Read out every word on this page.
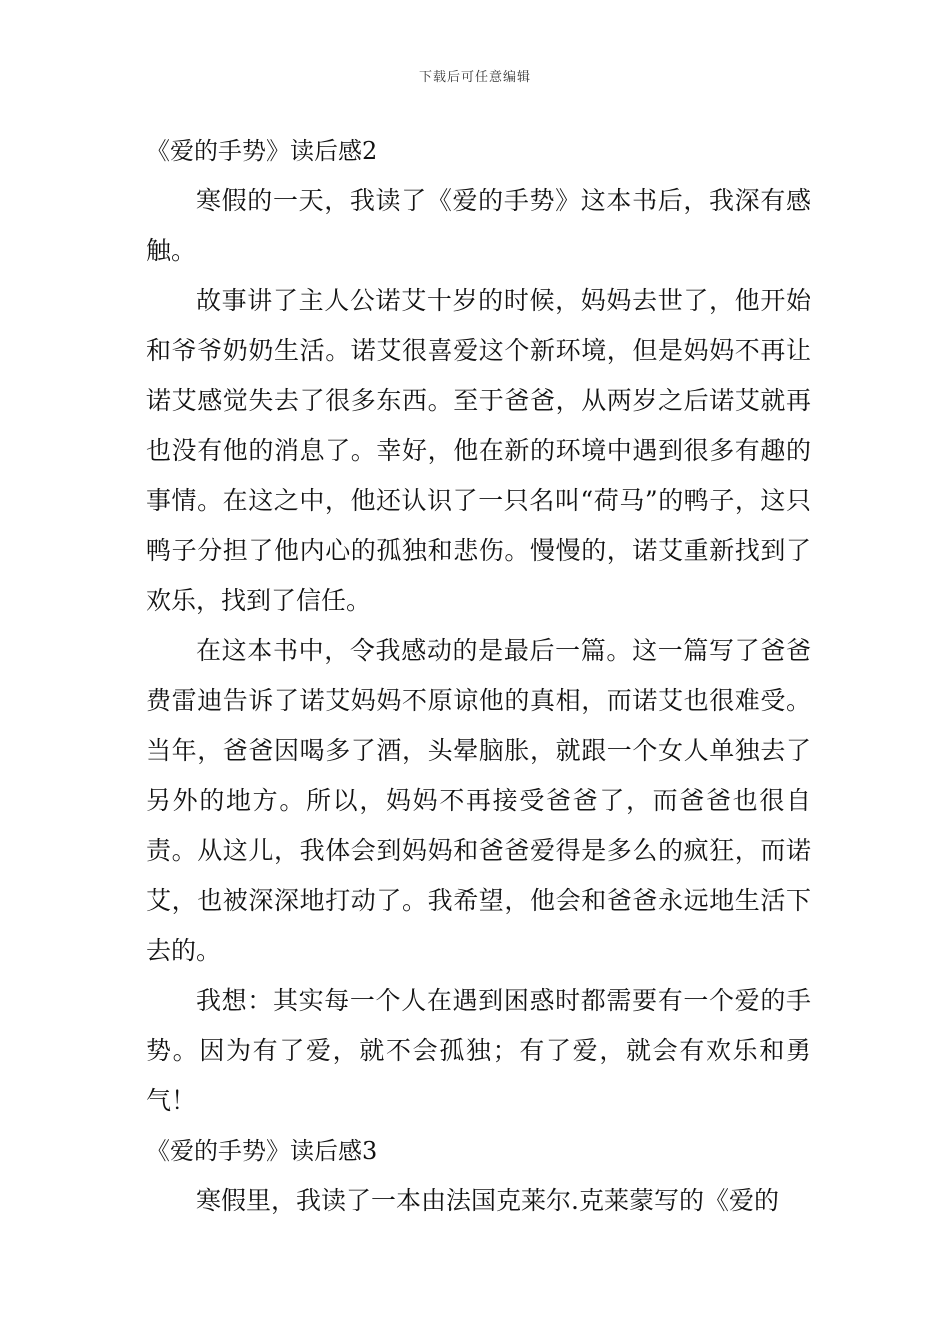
下载后可任意编辑
《爱的手势》读后感2

寒假的一天，我读了《爱的手势》这本书后，我深有感触。

故事讲了主人公诺艾十岁的时候，妈妈去世了，他开始和爷爷奶奶生活。诺艾很喜爱这个新环境，但是妈妈不再让诺艾感觉失去了很多东西。至于爸爸，从两岁之后诺艾就再也没有他的消息了。幸好，他在新的环境中遇到很多有趣的事情。在这之中，他还认识了一只名叫“荷马”的鸭子，这只鸭子分担了他内心的孤独和悲伤。慢慢的，诺艾重新找到了欢乐，找到了信任。

在这本书中，令我感动的是最后一篇。这一篇写了爸爸费雷迪告诉了诺艾妈妈不原谅他的真相，而诺艾也很难受。当年，爸爸因喝多了酒，头晕脑胀，就跟一个女人单独去了另外的地方。所以，妈妈不再接受爸爸了，而爸爸也很自责。从这儿，我体会到妈妈和爸爸爱得是多么的疯狂，而诺艾，也被深深地打动了。我希望，他会和爸爸永远地生活下去的。

我想：其实每一个人在遇到困惑时都需要有一个爱的手势。因为有了爱，就不会孤独；有了爱，就会有欢乐和勇气！

《爱的手势》读后感3

寒假里，我读了一本由法国克莱尔.克莱蒙写的《爱的
